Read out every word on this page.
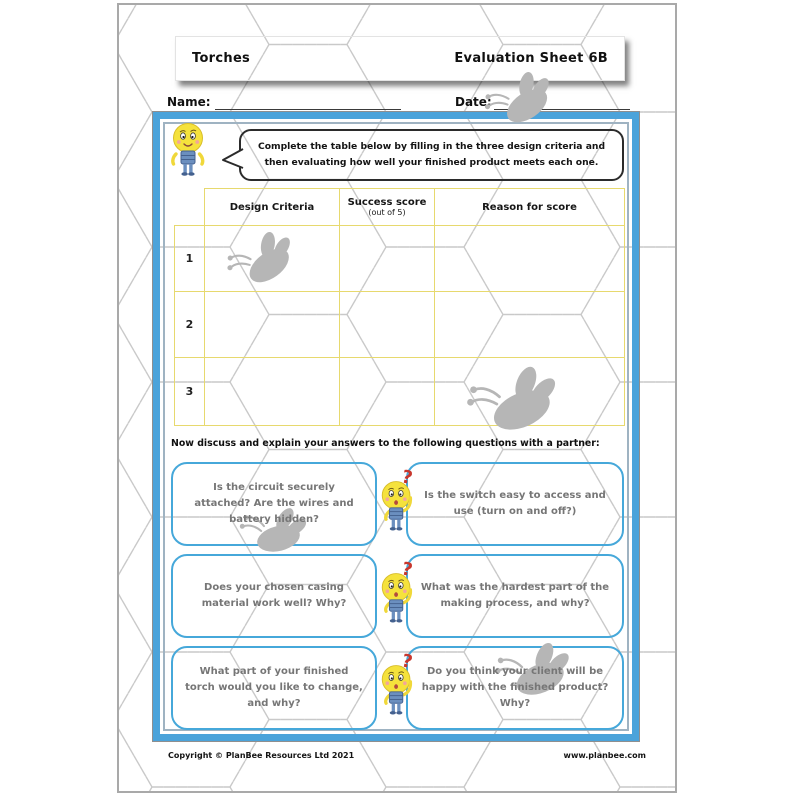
Torches	Evaluation Sheet 6B
Name:	Date:
Complete the table below by filling in the three design criteria and
then evaluating how well your finished product meets each one.
	Design Criteria	Success score
(out of 5)	Reason for score
1			
2			
3			
Now discuss and explain your answers to the following questions with a partner:
Is the circuit securely attached? Are the wires and battery hidden?
Is the switch easy to access and use (turn on and off?)
Does your chosen casing material work well? Why?
What was the hardest part of the making process, and why?
What part of your finished torch would you like to change, and why?
Do you think your client will be happy with the finished product? Why?
Copyright © PlanBee Resources Ltd 2021	www.planbee.com
